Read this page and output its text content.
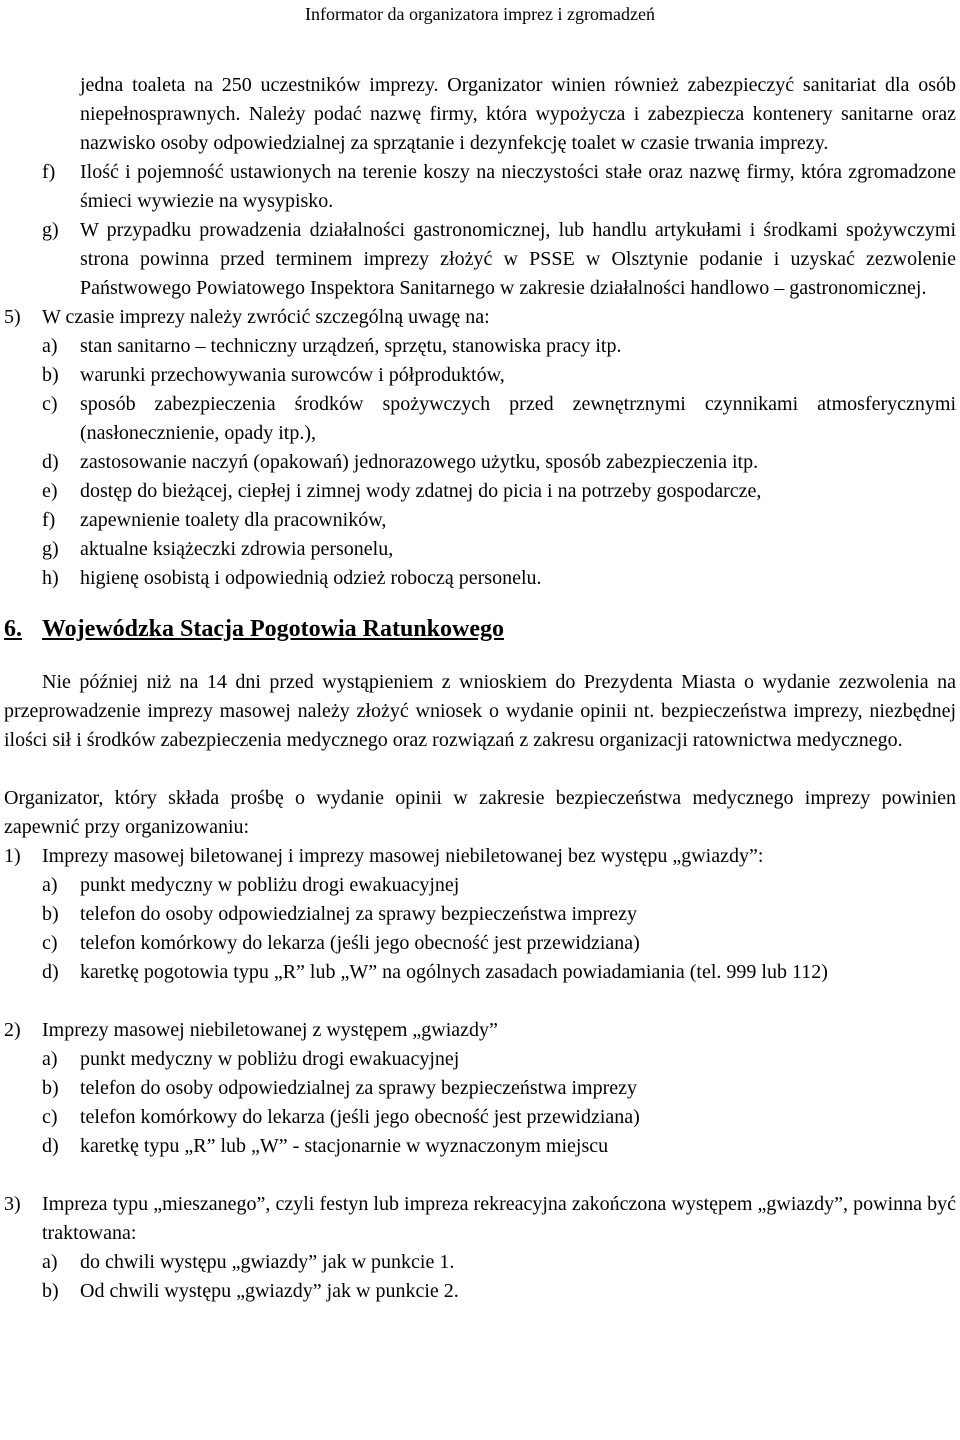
Informator da organizatora imprez i zgromadzeń
jedna toaleta na 250 uczestników imprezy. Organizator winien również zabezpieczyć sanitariat dla osób niepełnosprawnych. Należy podać nazwę firmy, która wypożycza i zabezpiecza kontenery sanitarne oraz nazwisko osoby odpowiedzialnej za sprzątanie i dezynfekcję toalet w czasie trwania imprezy.
f)	Ilość i pojemność ustawionych na terenie koszy na nieczystości stałe oraz nazwę firmy, która zgromadzone śmieci wywiezie na wysypisko.
g)	W przypadku prowadzenia działalności gastronomicznej, lub handlu artykułami i środkami spożywczymi strona powinna przed terminem imprezy złożyć w PSSE w Olsztynie podanie i uzyskać zezwolenie Państwowego Powiatowego Inspektora Sanitarnego w zakresie działalności handlowo – gastronomicznej.
5)	W czasie imprezy należy zwrócić szczególną uwagę na:
a)	stan sanitarno – techniczny urządzeń, sprzętu, stanowiska pracy itp.
b)	warunki przechowywania surowców i półproduktów,
c)	sposób zabezpieczenia środków spożywczych przed zewnętrznymi czynnikami atmosferycznymi (nasłonecznienie, opady itp.),
d)	zastosowanie naczyń (opakowań) jednorazowego użytku, sposób zabezpieczenia itp.
e)	dostęp do bieżącej, ciepłej i zimnej wody zdatnej do picia i na potrzeby gospodarcze,
f)	zapewnienie toalety dla pracowników,
g)	aktualne książeczki zdrowia personelu,
h)	higienę osobistą i odpowiednią odzież roboczą personelu.
6. Wojewódzka Stacja Pogotowia Ratunkowego
Nie później niż na 14 dni przed wystąpieniem z wnioskiem do Prezydenta Miasta o wydanie zezwolenia na przeprowadzenie imprezy masowej należy złożyć wniosek o wydanie opinii nt. bezpieczeństwa imprezy, niezbędnej ilości sił i środków zabezpieczenia medycznego oraz rozwiązań z zakresu organizacji ratownictwa medycznego.
Organizator, który składa prośbę o wydanie opinii w zakresie bezpieczeństwa medycznego imprezy powinien zapewnić przy organizowaniu:
1)	Imprezy masowej biletowanej i imprezy masowej niebiletowanej bez występu „gwiazdy”:
a)	punkt medyczny w pobliżu drogi ewakuacyjnej
b)	telefon do osoby odpowiedzialnej za sprawy bezpieczeństwa imprezy
c)	telefon komórkowy do lekarza (jeśli jego obecność jest przewidziana)
d)	karetkę pogotowia typu „R” lub „W” na ogólnych zasadach powiadamiania (tel. 999 lub 112)
2)	Imprezy masowej niebiletowanej z występem „gwiazdy”
a)	punkt medyczny w pobliżu drogi ewakuacyjnej
b)	telefon do osoby odpowiedzialnej za sprawy bezpieczeństwa imprezy
c)	telefon komórkowy do lekarza (jeśli jego obecność jest przewidziana)
d)	karetkę typu „R” lub „W” - stacjonarnie w wyznaczonym miejscu
3)	Impreza typu „mieszanego”, czyli festyn lub impreza rekreacyjna zakończona występem „gwiazdy”, powinna być traktowana:
a)	do chwili występu „gwiazdy” jak w punkcie 1.
b)	Od chwili występu „gwiazdy” jak w punkcie 2.
